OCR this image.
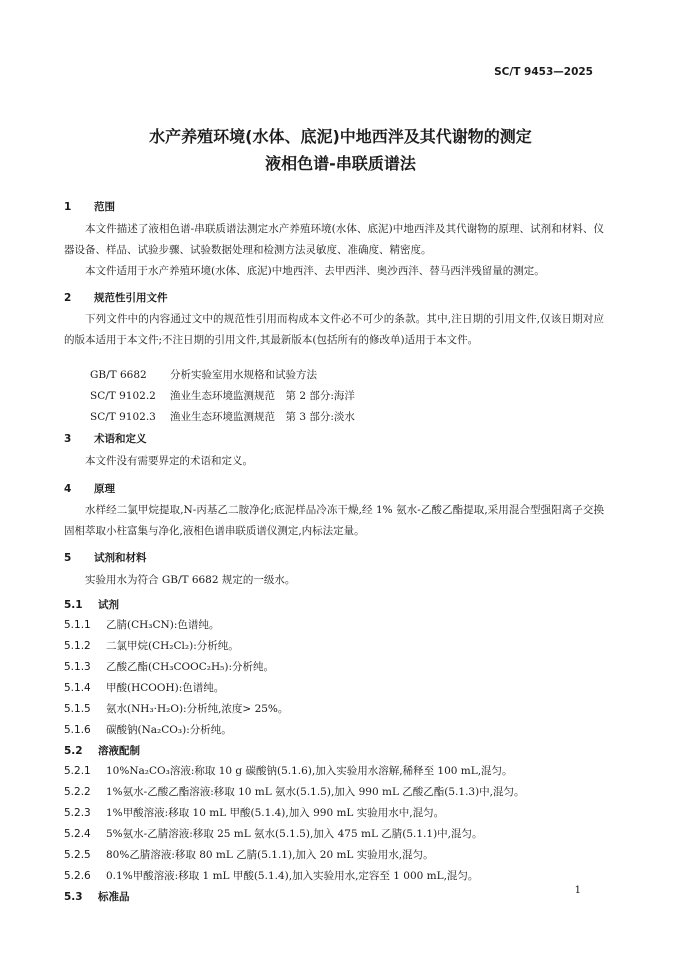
SC/T 9453—2025
水产养殖环境(水体、底泥)中地西泮及其代谢物的测定
液相色谱-串联质谱法
1 范围

本文件描述了液相色谱-串联质谱法测定水产养殖环境(水体、底泥)中地西泮及其代谢物的原理、试剂和材料、仪器设备、样品、试验步骤、试验数据处理和检测方法灵敏度、准确度、精密度。

本文件适用于水产养殖环境(水体、底泥)中地西泮、去甲西泮、奥沙西泮、替马西泮残留量的测定。

2 规范性引用文件

下列文件中的内容通过文中的规范性引用而构成本文件必不可少的条款。其中,注日期的引用文件,仅该日期对应的版本适用于本文件;不注日期的引用文件,其最新版本(包括所有的修改单)适用于本文件。

GB/T 6682 分析实验室用水规格和试验方法
SC/T 9102.2 渔业生态环境监测规范　第 2 部分:海洋
SC/T 9102.3 渔业生态环境监测规范　第 3 部分:淡水
3 术语和定义

本文件没有需要界定的术语和定义。

4 原理

水样经二氯甲烷提取,N-丙基乙二胺净化;底泥样品冷冻干燥,经 1% 氨水-乙酸乙酯提取,采用混合型强阳离子交换固相萃取小柱富集与净化,液相色谱串联质谱仪测定,内标法定量。

5 试剂和材料

实验用水为符合 GB/T 6682 规定的一级水。

5.1 试剂
5.1.1 乙腈(CH₃CN):色谱纯。
5.1.2 二氯甲烷(CH₂Cl₂):分析纯。
5.1.3 乙酸乙酯(CH₃COOC₂H₅):分析纯。
5.1.4 甲酸(HCOOH):色谱纯。
5.1.5 氨水(NH₃·H₂O):分析纯,浓度> 25%。
5.1.6 碳酸钠(Na₂CO₃):分析纯。
5.2 溶液配制
5.2.1 10%Na₂CO₃溶液:称取 10 g 碳酸钠(5.1.6),加入实验用水溶解,稀释至 100 mL,混匀。
5.2.2 1%氨水-乙酸乙酯溶液:移取 10 mL 氨水(5.1.5),加入 990 mL 乙酸乙酯(5.1.3)中,混匀。
5.2.3 1%甲酸溶液:移取 10 mL 甲酸(5.1.4),加入 990 mL 实验用水中,混匀。
5.2.4 5%氨水-乙腈溶液:移取 25 mL 氨水(5.1.5),加入 475 mL 乙腈(5.1.1)中,混匀。
5.2.5 80%乙腈溶液:移取 80 mL 乙腈(5.1.1),加入 20 mL 实验用水,混匀。
5.2.6 0.1%甲酸溶液:移取 1 mL 甲酸(5.1.4),加入实验用水,定容至 1 000 mL,混匀。
5.3 标准品
1
